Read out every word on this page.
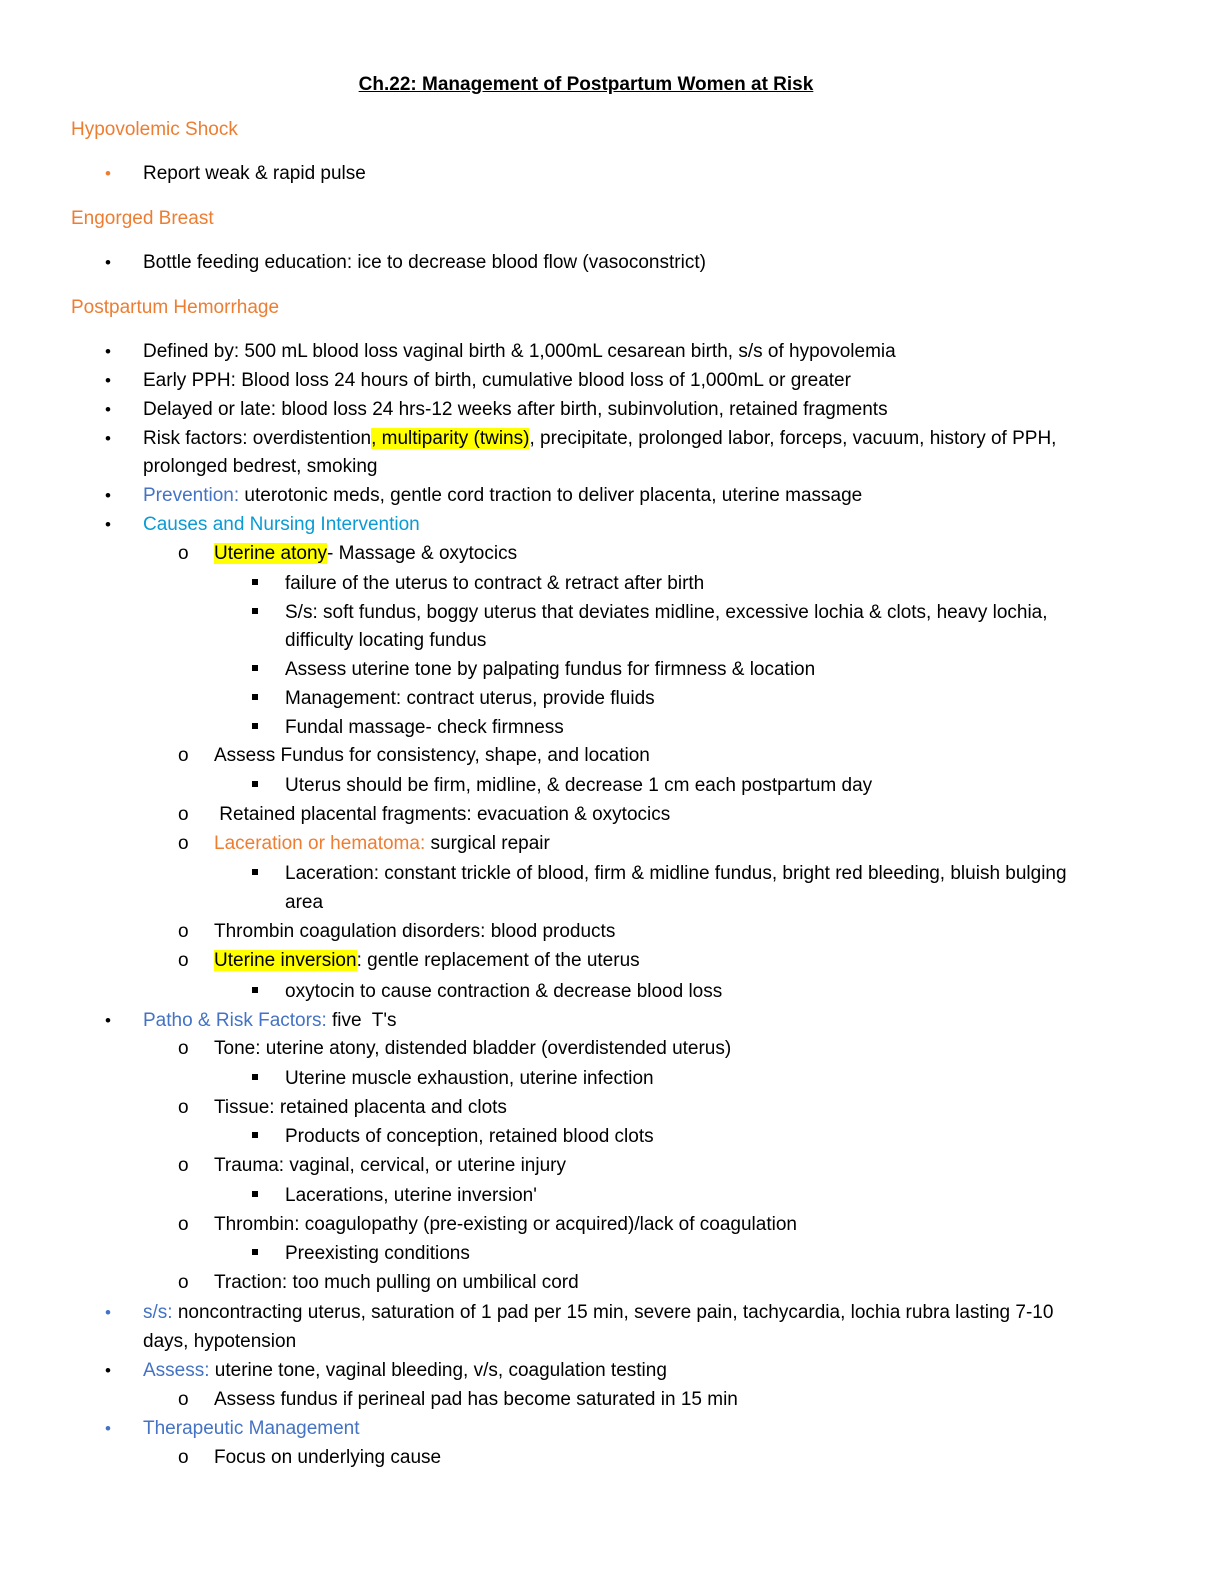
Ch.22: Management of Postpartum Women at Risk
Hypovolemic Shock
•	Report weak & rapid pulse
Engorged Breast
•	Bottle feeding education: ice to decrease blood flow (vasoconstrict)
Postpartum Hemorrhage
•	Defined by: 500 mL blood loss vaginal birth & 1,000mL cesarean birth, s/s of hypovolemia
•	Early PPH: Blood loss 24 hours of birth, cumulative blood loss of 1,000mL or greater
•	Delayed or late: blood loss 24 hrs-12 weeks after birth, subinvolution, retained fragments
•	Risk factors: overdistention, multiparity (twins), precipitate, prolonged labor, forceps, vacuum, history of PPH,
prolonged bedrest, smoking
•	Prevention: uterotonic meds, gentle cord traction to deliver placenta, uterine massage
•	Causes and Nursing Intervention
o	Uterine atony- Massage & oxytocics
failure of the uterus to contract & retract after birth
S/s: soft fundus, boggy uterus that deviates midline, excessive lochia & clots, heavy lochia,
difficulty locating fundus
Assess uterine tone by palpating fundus for firmness & location
Management: contract uterus, provide fluids
Fundal massage- check firmness
o	Assess Fundus for consistency, shape, and location
Uterus should be firm, midline, & decrease 1 cm each postpartum day
o	Retained placental fragments: evacuation & oxytocics
o	Laceration or hematoma: surgical repair
Laceration: constant trickle of blood, firm & midline fundus, bright red bleeding, bluish bulging
area
o	Thrombin coagulation disorders: blood products
o	Uterine inversion: gentle replacement of the uterus
oxytocin to cause contraction & decrease blood loss
•	Patho & Risk Factors: five  T's
o	Tone: uterine atony, distended bladder (overdistended uterus)
Uterine muscle exhaustion, uterine infection
o	Tissue: retained placenta and clots
Products of conception, retained blood clots
o	Trauma: vaginal, cervical, or uterine injury
Lacerations, uterine inversion'
o	Thrombin: coagulopathy (pre-existing or acquired)/lack of coagulation
Preexisting conditions
o	Traction: too much pulling on umbilical cord
•	s/s: noncontracting uterus, saturation of 1 pad per 15 min, severe pain, tachycardia, lochia rubra lasting 7-10
days, hypotension
•	Assess: uterine tone, vaginal bleeding, v/s, coagulation testing
o	Assess fundus if perineal pad has become saturated in 15 min
•	Therapeutic Management
o	Focus on underlying cause
